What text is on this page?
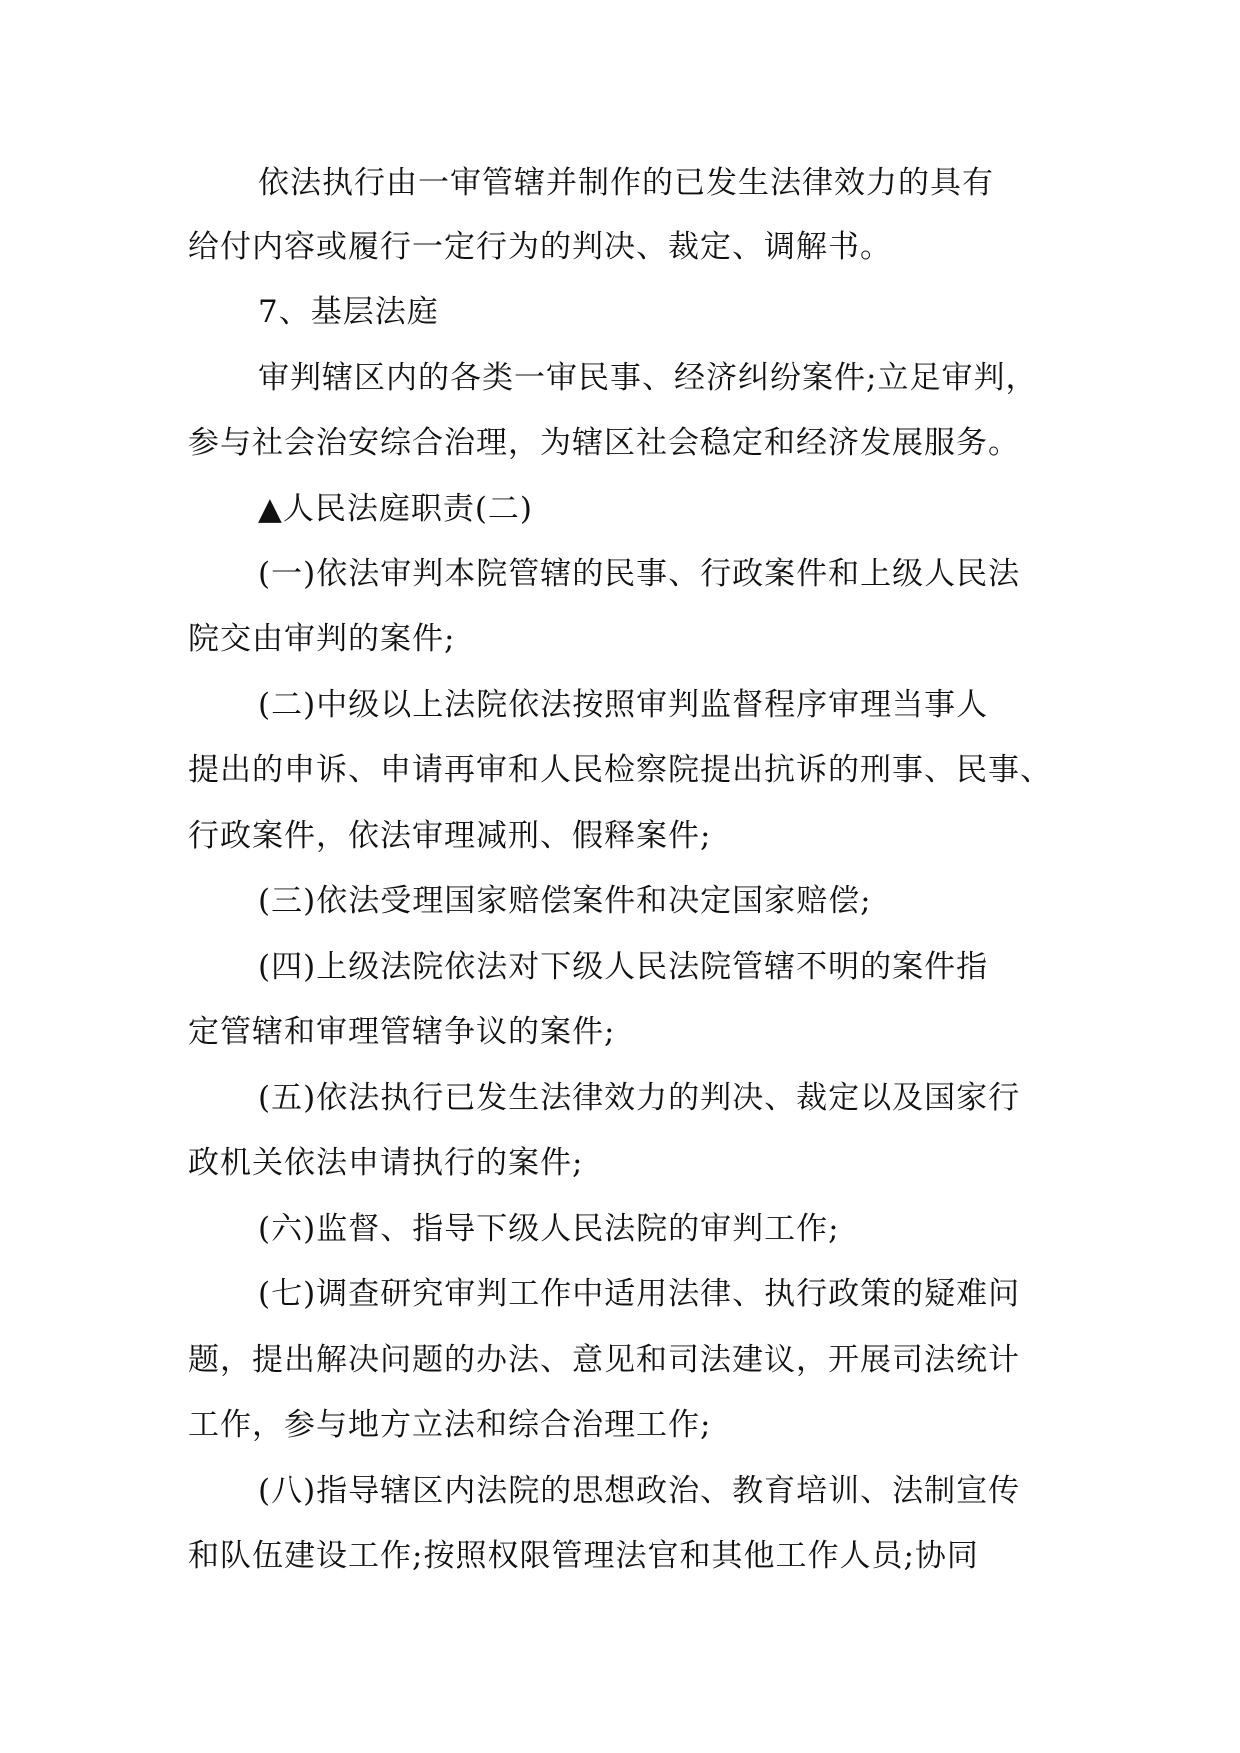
依法执行由一审管辖并制作的已发生法律效力的具有
给付内容或履行一定行为的判决、裁定、调解书。
7、基层法庭
审判辖区内的各类一审民事、经济纠纷案件;立足审判，
参与社会治安综合治理，为辖区社会稳定和经济发展服务。
▲人民法庭职责(二)
(一)依法审判本院管辖的民事、行政案件和上级人民法
院交由审判的案件;
(二)中级以上法院依法按照审判监督程序审理当事人
提出的申诉、申请再审和人民检察院提出抗诉的刑事、民事、
行政案件，依法审理减刑、假释案件;
(三)依法受理国家赔偿案件和决定国家赔偿;
(四)上级法院依法对下级人民法院管辖不明的案件指
定管辖和审理管辖争议的案件;
(五)依法执行已发生法律效力的判决、裁定以及国家行
政机关依法申请执行的案件;
(六)监督、指导下级人民法院的审判工作;
(七)调查研究审判工作中适用法律、执行政策的疑难问
题，提出解决问题的办法、意见和司法建议，开展司法统计
工作，参与地方立法和综合治理工作;
(八)指导辖区内法院的思想政治、教育培训、法制宣传
和队伍建设工作;按照权限管理法官和其他工作人员;协同
